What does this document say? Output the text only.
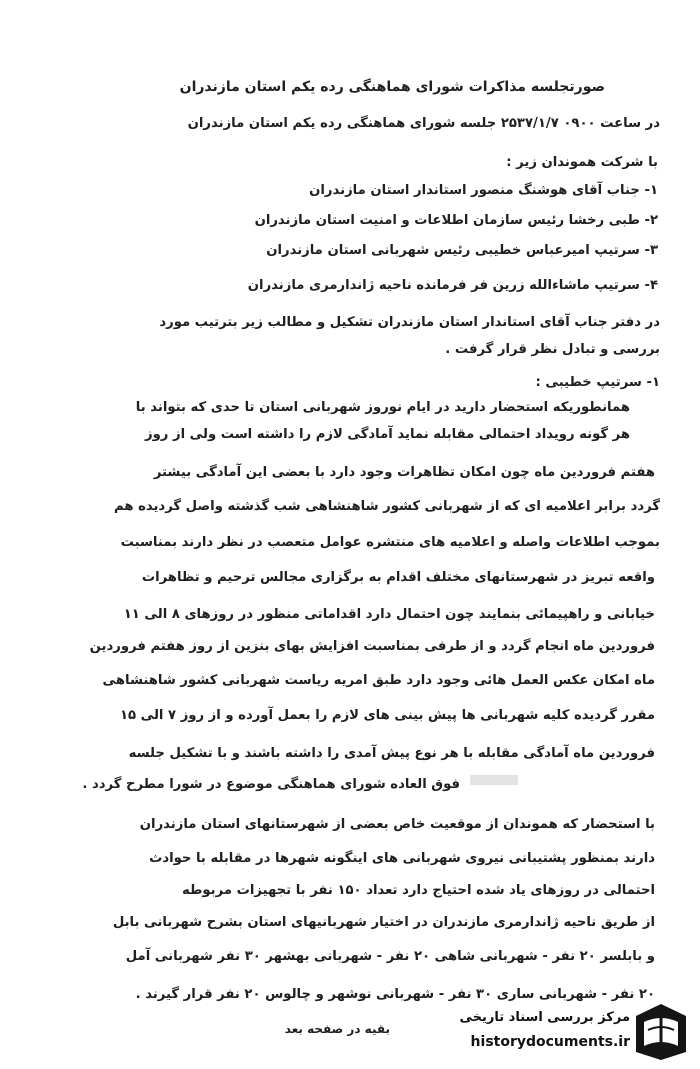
صورتجلسه مذاکرات شورای هماهنگی رده یکم استان مازندران
در ساعت ۰۹۰۰ ۲۵۳۷/۱/۷ جلسه شورای هماهنگی رده یکم استان مازندران
با شرکت هموندان زیر :
۱- جناب آقای هوشنگ منصور استاندار استان مازندران
۲- طبی رخشا رئیس سازمان اطلاعات و امنیت استان مازندران
۳- سرتیپ امیرعباس خطیبی رئیس شهربانی استان مازندران
۴- سرتیپ ماشاءالله زرین فر فرمانده ناحیه ژاندارمری مازندران
در دفتر جناب آقای استاندار استان مازندران تشکیل و مطالب زیر بترتیب مورد
بررسی و تبادل نظر قرار گرفت .
۱- سرتیپ خطیبی :
همانطوریکه استحضار دارید در ایام نوروز شهربانی استان تا حدی که بتواند با
هر گونه رویداد احتمالی مقابله نماید آمادگی لازم را داشته است ولی از روز
هفتم فروردین ماه چون امکان تظاهرات وجود دارد با بعضی این آمادگی بیشتر
گردد برابر اعلامیه ای که از شهربانی کشور شاهنشاهی شب گذشته واصل گردیده هم
بموجب اطلاعات واصله و اعلامیه های منتشره عوامل متعصب در نظر دارند بمناسبت
واقعه تبریز در شهرستانهای مختلف اقدام به برگزاری مجالس ترحیم و تظاهرات
خیابانی و راهپیمائی بنمایند چون احتمال دارد اقداماتی منظور در روزهای ۸ الی ۱۱
فروردین ماه انجام گردد و از طرفی بمناسبت افزایش بهای بنزین از روز هفتم فروردین
ماه امکان عکس العمل هائی وجود دارد طبق امریه ریاست شهربانی کشور شاهنشاهی
مقرر گردیده کلیه شهربانی ها پیش بینی های لازم را بعمل آورده و از روز ۷ الی ۱۵
فروردین ماه آمادگی مقابله با هر نوع پیش آمدی را داشته باشند و با تشکیل جلسه
فوق العاده شورای هماهنگی موضوع در شورا مطرح گردد .
با استحضار که هموندان از موقعیت خاص بعضی از شهرستانهای استان مازندران
دارند بمنظور پشتیبانی نیروی شهربانی های اینگونه شهرها در مقابله با حوادث
احتمالی در روزهای یاد شده احتیاج دارد تعداد ۱۵۰ نفر با تجهیزات مربوطه
از طریق ناحیه ژاندارمری مازندران در اختیار شهربانیهای استان بشرح شهربانی بابل
و بابلسر ۲۰ نفر - شهربانی شاهی ۲۰ نفر - شهربانی بهشهر ۳۰ نفر شهربانی آمل
۲۰ نفر - شهربانی ساری ۳۰ نفر - شهربانی نوشهر و چالوس ۲۰ نفر قرار گیرند .
بقیه در صفحه بعد
مرکز بررسی اسناد تاریخی
historydocuments.ir
